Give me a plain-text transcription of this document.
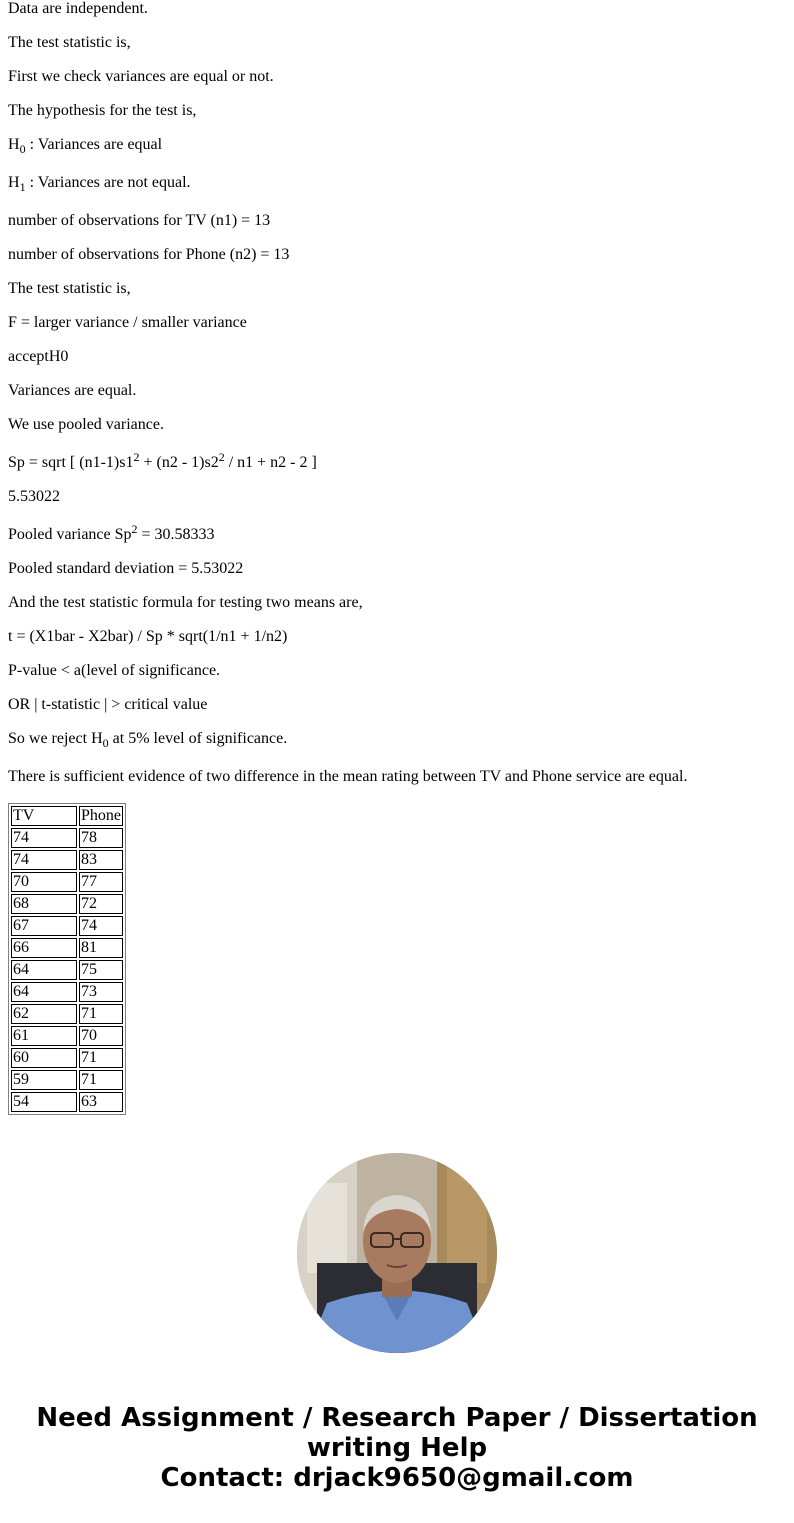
Data are independent.

The test statistic is,

First we check variances are equal or not.

The hypothesis for the test is,

$H_0$ : Variances are equal

$H_1$ : Variances are not equal.

number of observations for TV (n1) = 13

number of observations for Phone (n2) = 13

The test statistic is,

F = larger variance / smaller variance

acceptH0

Variances are equal.

We use pooled variance.

Sp = sqrt [ $(n1-1)s1^2 + (n2 - 1)s2^2 / n1 + n2 - 2$ ]

5.53022

Pooled variance $Sp^2 = 30.58333$

Pooled standard deviation = 5.53022

And the test statistic formula for testing two means are,

t = (X1bar - X2bar) / Sp * sqrt(1/n1 + 1/n2)

P-value < a(level of significance.

OR | t-statistic | > critical value

So we reject $H_0$ at 5% level of significance.

There is sufficient evidence of two difference in the mean rating between TV and Phone service are equal.

TV	Phone
74	78
74	83
70	77
68	72
67	74
66	81
64	75
64	73
62	71
61	70
60	71
59	71
54	63
Need Assignment / Research Paper / Dissertation
writing Help
Contact: drjack9650@gmail.com
